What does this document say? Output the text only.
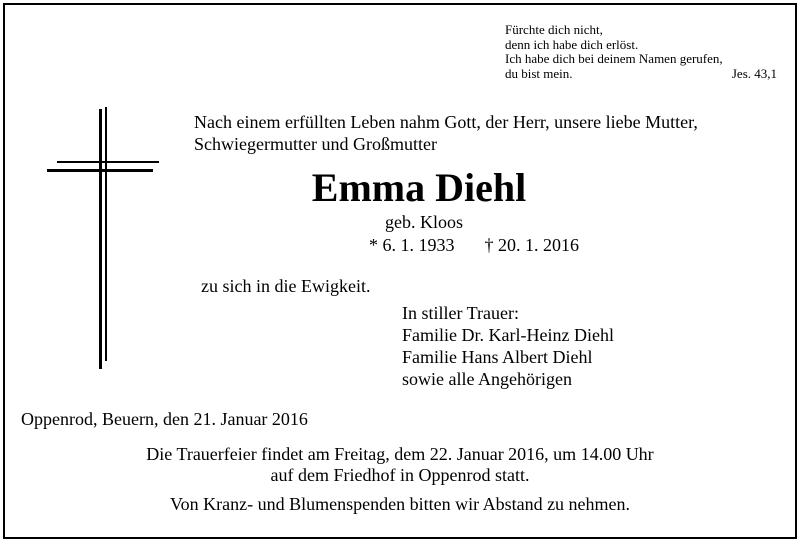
Fürchte dich nicht,
denn ich habe dich erlöst.
Ich habe dich bei deinem Namen gerufen,
du bist mein.	Jes. 43,1
Nach einem erfüllten Leben nahm Gott, der Herr, unsere liebe Mutter,
Schwiegermutter und Großmutter
Emma Diehl
geb. Kloos
* 6. 1. 1933 † 20. 1. 2016
zu sich in die Ewigkeit.
In stiller Trauer:
Familie Dr. Karl-Heinz Diehl
Familie Hans Albert Diehl
sowie alle Angehörigen
Oppenrod, Beuern, den 21. Januar 2016
Die Trauerfeier findet am Freitag, dem 22. Januar 2016, um 14.00 Uhr
auf dem Friedhof in Oppenrod statt.
Von Kranz- und Blumenspenden bitten wir Abstand zu nehmen.
